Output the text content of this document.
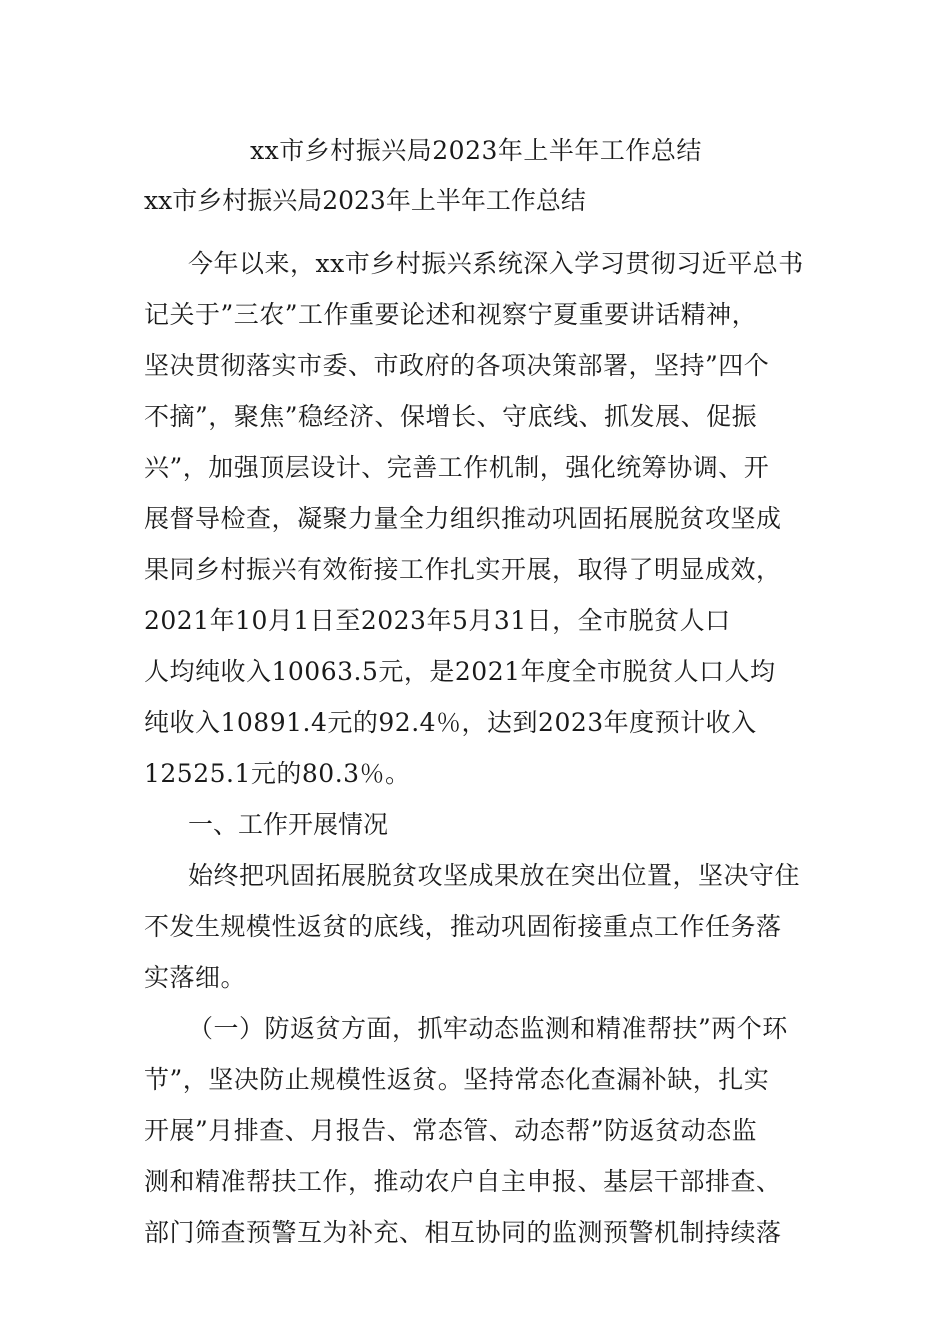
xx市乡村振兴局2023年上半年工作总结
xx市乡村振兴局2023年上半年工作总结

今年以来，xx市乡村振兴系统深入学习贯彻习近平总书
记关于”三农”工作重要论述和视察宁夏重要讲话精神，
坚决贯彻落实市委、市政府的各项决策部署，坚持”四个
不摘”，聚焦”稳经济、保增长、守底线、抓发展、促振
兴”，加强顶层设计、完善工作机制，强化统筹协调、开
展督导检查，凝聚力量全力组织推动巩固拓展脱贫攻坚成
果同乡村振兴有效衔接工作扎实开展，取得了明显成效，
2021年10月1日至2023年5月31日，全市脱贫人口
人均纯收入10063.5元，是2021年度全市脱贫人口人均
纯收入10891.4元的92.4％，达到2023年度预计收入
12525.1元的80.3％。

一、工作开展情况

始终把巩固拓展脱贫攻坚成果放在突出位置，坚决守住
不发生规模性返贫的底线，推动巩固衔接重点工作任务落
实落细。

（一）防返贫方面，抓牢动态监测和精准帮扶”两个环
节”，坚决防止规模性返贫。坚持常态化查漏补缺，扎实
开展”月排查、月报告、常态管、动态帮”防返贫动态监
测和精准帮扶工作，推动农户自主申报、基层干部排查、
部门筛查预警互为补充、相互协同的监测预警机制持续落
